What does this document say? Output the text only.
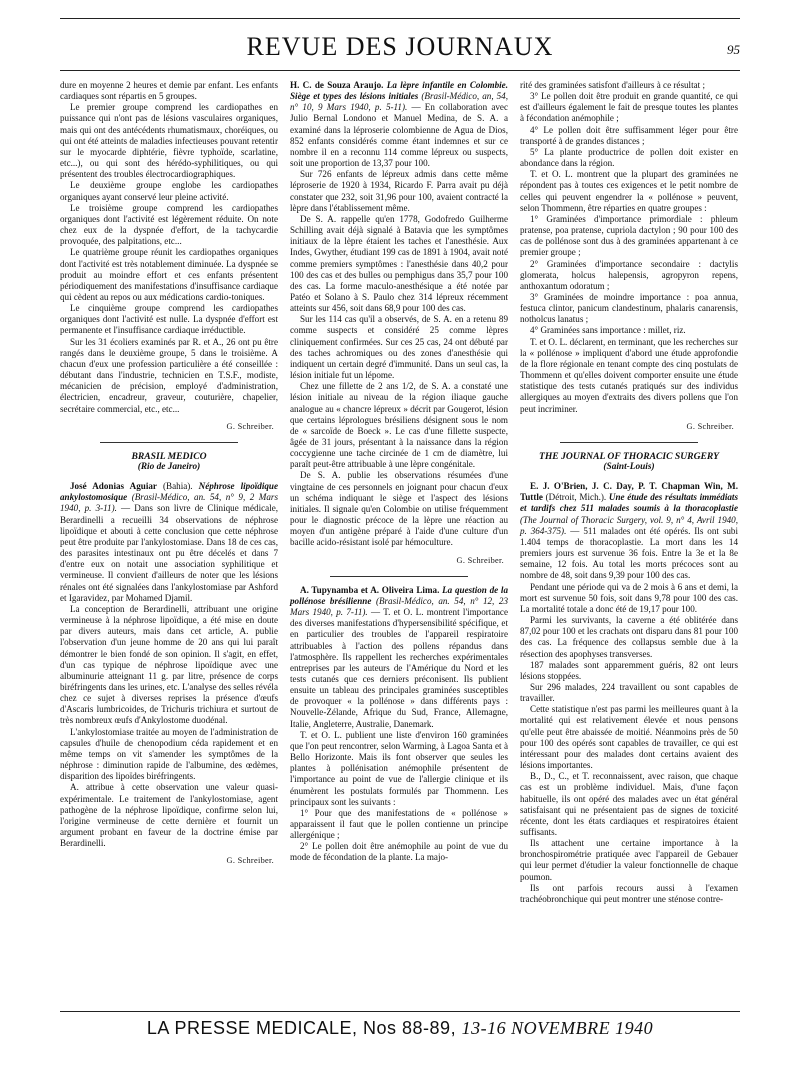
REVUE DES JOURNAUX	95

dure en moyenne 2 heures et demie par enfant. Les enfants cardiaques sont répartis en 5 groupes.

Le premier groupe comprend les cardiopathes en puissance qui n'ont pas de lésions vasculaires organiques, mais qui ont des antécédents rhumatismaux, choréiques, ou qui ont été atteints de maladies infectieuses pouvant retentir sur le myocarde diphtérie, fièvre typhoïde, scarlatine, etc...), ou qui sont des hérédo-syphilitiques, ou qui présentent des troubles électrocardiographiques.

Le deuxième groupe englobe les cardiopathes organiques ayant conservé leur pleine activité.

Le troisième groupe comprend les cardiopathes organiques dont l'activité est légèrement réduite. On note chez eux de la dyspnée d'effort, de la tachycardie provoquée, des palpitations, etc...

Le quatrième groupe réunit les cardiopathes organiques dont l'activité est très notablement diminuée. La dyspnée se produit au moindre effort et ces enfants présentent périodiquement des manifestations d'insuffisance cardiaque qui cèdent au repos ou aux médications cardio-toniques.

Le cinquième groupe comprend les cardiopathes organiques dont l'activité est nulle. La dyspnée d'effort est permanente et l'insuffisance cardiaque irréductible.

Sur les 31 écoliers examinés par R. et A., 26 ont pu être rangés dans le deuxième groupe, 5 dans le troisième. A chacun d'eux une profession particulière a été conseillée : débutant dans l'industrie, technicien en T.S.F., modiste, mécanicien de précision, employé d'administration, électricien, encadreur, graveur, couturière, chapelier, secrétaire commercial, etc., etc...

G. Schreiber.
BRASIL MEDICO
(Rio de Janeiro)

José Adonias Aguiar (Bahia). Néphrose lipoïdique ankylostomosique (Brasil-Médico, an. 54, n° 9, 2 Mars 1940, p. 3-11). — Dans son livre de Clinique médicale, Berardinelli a recueilli 34 observations de néphrose lipoïdique et abouti à cette conclusion que cette néphrose peut être produite par l'ankylostomiase. Dans 18 de ces cas, des parasites intestinaux ont pu être décelés et dans 7 d'entre eux on notait une association syphilitique et vermineuse. Il convient d'ailleurs de noter que les lésions rénales ont été signalées dans l'ankylostomiase par Ashford et Igaravidez, par Mohamed Djamil.

La conception de Berardinelli, attribuant une origine vermineuse à la néphrose lipoïdique, a été mise en doute par divers auteurs, mais dans cet article, A. publie l'observation d'un jeune homme de 20 ans qui lui paraît démontrer le bien fondé de son opinion. Il s'agit, en effet, d'un cas typique de néphrose lipoïdique avec une albuminurie atteignant 11 g. par litre, présence de corps biréfringents dans les urines, etc. L'analyse des selles révéla chez ce sujet à diverses reprises la présence d'œufs d'Ascaris lumbricoides, de Trichuris trichiura et surtout de très nombreux œufs d'Ankylostome duodénal.

L'ankylostomiase traitée au moyen de l'administration de capsules d'huile de chenopodium céda rapidement et en même temps on vit s'amender les symptômes de la néphrose : diminution rapide de l'albumine, des œdèmes, disparition des lipoïdes biréfringents.

A. attribue à cette observation une valeur quasi-expérimentale. Le traitement de l'ankylostomiase, agent pathogène de la néphrose lipoïdique, confirme selon lui, l'origine vermineuse de cette dernière et fournit un argument probant en faveur de la doctrine émise par Berardinelli.

G. Schreiber.

H. C. de Souza Araujo. La lèpre infantile en Colombie. Siège et types des lésions initiales (Brasil-Médico, an, 54, n° 10, 9 Mars 1940, p. 5-11). — En collaboration avec Julio Bernal Londono et Manuel Medina, de S. A. a examiné dans la léproserie colombienne de Agua de Dios, 852 enfants considérés comme étant indemnes et sur ce nombre il en a reconnu 114 comme lépreux ou suspects, soit une proportion de 13,37 pour 100.

Sur 726 enfants de lépreux admis dans cette même léproserie de 1920 à 1934, Ricardo F. Parra avait pu déjà constater que 232, soit 31,96 pour 100, avaient contracté la lèpre dans l'établissement même.

De S. A. rappelle qu'en 1778, Godofredo Guilherme Schilling avait déjà signalé à Batavia que les symptômes initiaux de la lèpre étaient les taches et l'anesthésie. Aux Indes, Gwyther, étudiant 199 cas de 1891 à 1904, avait noté comme premiers symptômes : l'anesthésie dans 40,2 pour 100 des cas et des bulles ou pemphigus dans 35,7 pour 100 des cas. La forme maculo-anesthésique a été notée par Patéo et Solano à S. Paulo chez 314 lépreux récemment atteints sur 456, soit dans 68,9 pour 100 des cas.

Sur les 114 cas qu'il a observés, de S. A. en a retenu 89 comme suspects et considéré 25 comme lèpres cliniquement confirmées. Sur ces 25 cas, 24 ont débuté par des taches achromiques ou des zones d'anesthésie qui indiquent un certain degré d'immunité. Dans un seul cas, la lésion initiale fut un lépome.

Chez une fillette de 2 ans 1/2, de S. A. a constaté une lésion initiale au niveau de la région iliaque gauche analogue au « chancre lépreux » décrit par Gougerot, lésion que certains léprologues brésiliens désignent sous le nom de « sarcoïde de Boeck ». Le cas d'une fillette suspecte, âgée de 31 jours, présentant à la naissance dans la région coccygienne une tache circinée de 1 cm de diamètre, lui paraît peut-être attribuable à une lèpre congénitale.

De S. A. publie les observations résumées d'une vingtaine de ces personnels en joignant pour chacun d'eux un schéma indiquant le siège et l'aspect des lésions initiales. Il signale qu'en Colombie on utilise fréquemment pour le diagnostic précoce de la lèpre une réaction au moyen d'un antigène préparé à l'aide d'une culture d'un bacille acido-résistant isolé par hémoculture.

G. Schreiber.

A. Tupynamba et A. Oliveira Lima. La question de la pollénose brésilienne (Brasil-Médico, an. 54, n° 12, 23 Mars 1940, p. 7-11). — T. et O. L. montrent l'importance des diverses manifestations d'hypersensibilité spécifique, et en particulier des troubles de l'appareil respiratoire attribuables à l'action des pollens répandus dans l'atmosphère. Ils rappellent les recherches expérimentales entreprises par les auteurs de l'Amérique du Nord et les tests cutanés que ces derniers préconisent. Ils publient ensuite un tableau des principales graminées susceptibles de provoquer « la pollénose » dans différents pays : Nouvelle-Zélande, Afrique du Sud, France, Allemagne, Italie, Angleterre, Australie, Danemark.

T. et O. L. publient une liste d'environ 160 graminées que l'on peut rencontrer, selon Warming, à Lagoa Santa et à Bello Horizonte. Mais ils font observer que seules les plantes à pollénisation anémophile présentent de l'importance au point de vue de l'allergie clinique et ils énumèrent les postulats formulés par Thommenn. Les principaux sont les suivants :

1° Pour que des manifestations de « pollénose » apparaissent il faut que le pollen contienne un principe allergénique ;

2° Le pollen doit être anémophile au point de vue du mode de fécondation de la plante. La majo-

rité des graminées satisfont d'ailleurs à ce résultat ;

3° Le pollen doit être produit en grande quantité, ce qui est d'ailleurs également le fait de presque toutes les plantes à fécondation anémophile ;

4° Le pollen doit être suffisamment léger pour être transporté à de grandes distances ;

5° La plante productrice de pollen doit exister en abondance dans la région.

T. et O. L. montrent que la plupart des graminées ne répondent pas à toutes ces exigences et le petit nombre de celles qui peuvent engendrer la « pollénose » peuvent, selon Thommenn, être réparties en quatre groupes :

1° Graminées d'importance primordiale : phleum pratense, poa pratense, cupriola dactylon ; 90 pour 100 des cas de pollénose sont dus à des graminées appartenant à ce premier groupe ;

2° Graminées d'importance secondaire : dactylis glomerata, holcus halepensis, agropyron repens, anthoxantum odoratum ;

3° Graminées de moindre importance : poa annua, festuca clintor, panicum clandestinum, phalaris canarensis, notholcus lanatus ;

4° Graminées sans importance : millet, riz.

T. et O. L. déclarent, en terminant, que les recherches sur la « pollénose » impliquent d'abord une étude approfondie de la flore régionale en tenant compte des cinq postulats de Thommenn et qu'elles doivent comporter ensuite une étude statistique des tests cutanés pratiqués sur des individus allergiques au moyen d'extraits des divers pollens que l'on peut incriminer.

G. Schreiber.
THE JOURNAL OF THORACIC SURGERY
(Saint-Louis)

E. J. O'Brien, J. C. Day, P. T. Chapman Win, M. Tuttle (Détroit, Mich.). Une étude des résultats immédiats et tardifs chez 511 malades soumis à la thoracoplastie (The Journal of Thoracic Surgery, vol. 9, n° 4, Avril 1940, p. 364-375). — 511 malades ont été opérés. Ils ont subi 1.404 temps de thoracoplastie. La mort dans les 14 premiers jours est survenue 36 fois. Entre la 3e et la 8e semaine, 12 fois. Au total les morts précoces sont au nombre de 48, soit dans 9,39 pour 100 des cas.

Pendant une période qui va de 2 mois à 6 ans et demi, la mort est survenue 50 fois, soit dans 9,78 pour 100 des cas. La mortalité totale a donc été de 19,17 pour 100.

Parmi les survivants, la caverne a été oblitérée dans 87,02 pour 100 et les crachats ont disparu dans 81 pour 100 des cas. La fréquence des collapsus semble due à la résection des apophyses transverses.

187 malades sont apparemment guéris, 82 ont leurs lésions stoppées.

Sur 296 malades, 224 travaillent ou sont capables de travailler.

Cette statistique n'est pas parmi les meilleures quant à la mortalité qui est relativement élevée et nous pensons qu'elle peut être abaissée de moitié. Néanmoins près de 50 pour 100 des opérés sont capables de travailler, ce qui est intéressant pour des malades dont certains avaient des lésions importantes.

B., D., C., et T. reconnaissent, avec raison, que chaque cas est un problème individuel. Mais, d'une façon habituelle, ils ont opéré des malades avec un état général satisfaisant qui ne présentaient pas de signes de toxicité récente, dont les états cardiaques et respiratoires étaient suffisants.

Ils attachent une certaine importance à la bronchospirométrie pratiquée avec l'appareil de Gebauer qui leur permet d'étudier la valeur fonctionnelle de chaque poumon.

Ils ont parfois recours aussi à l'examen trachéobronchique qui peut montrer une sténose contre-

LA PRESSE MEDICALE, Nos 88-89, 13-16 NOVEMBRE 1940
